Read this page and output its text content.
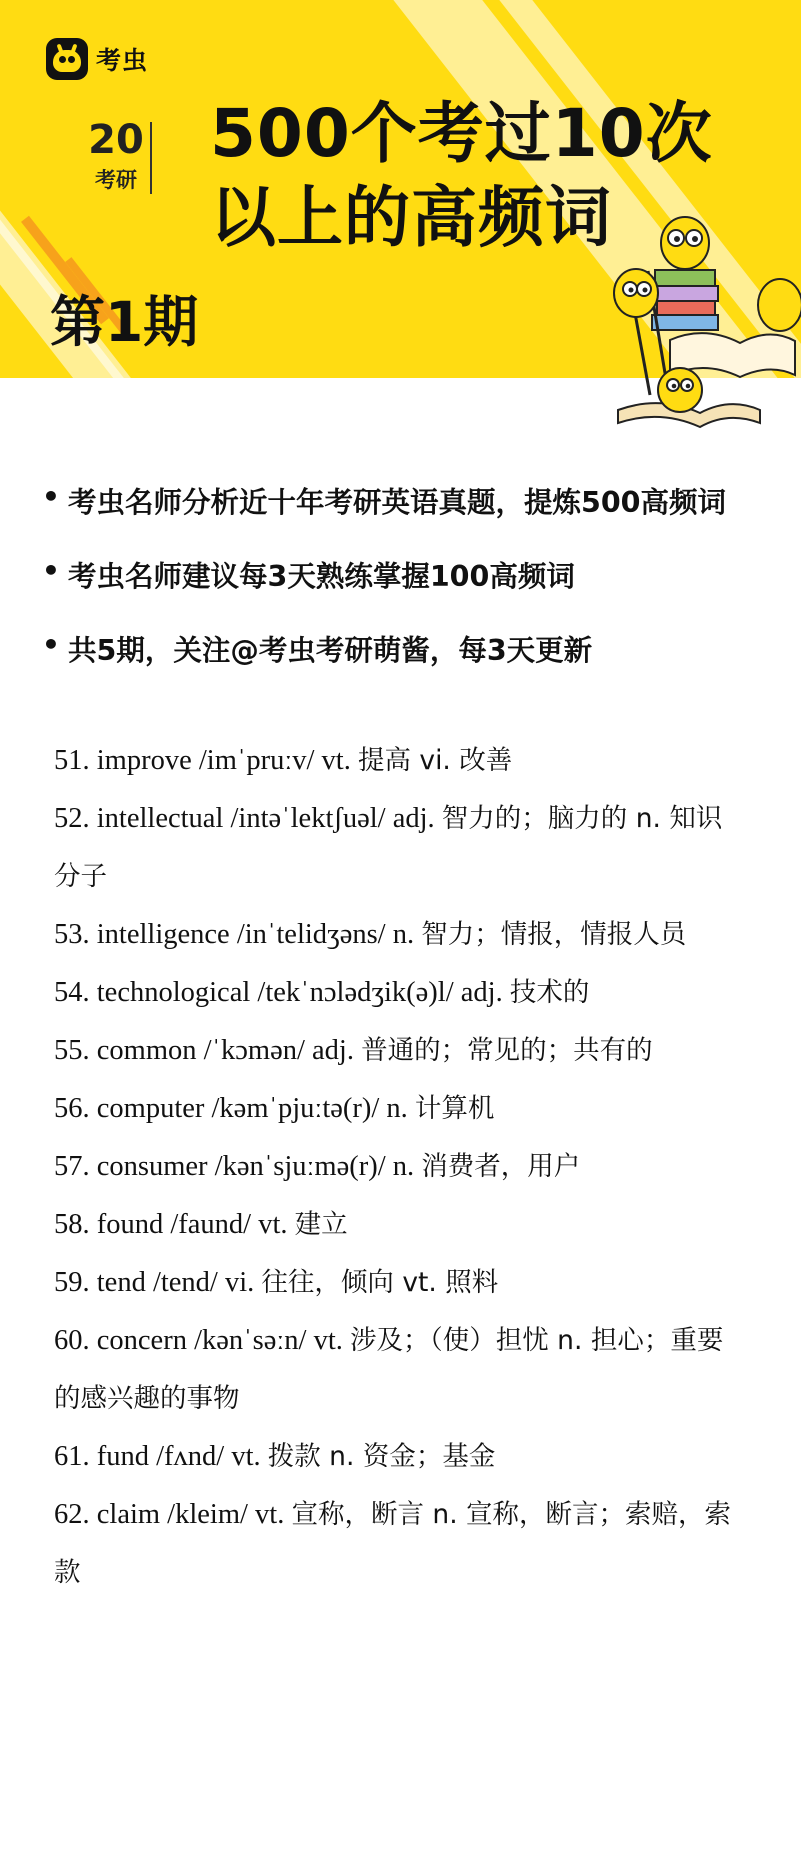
考虫
20
考研
500个考过10次
以上的高频词
第1期
• 考虫名师分析近十年考研英语真题，提炼500高频词
• 考虫名师建议每3天熟练掌握100高频词
• 共5期，关注@考虫考研萌酱，每3天更新
51. improve /imˈpruːv/ vt. 提高 vi. 改善
52. intellectual /intəˈlektʃuəl/ adj. 智力的；脑力的 n. 知识分子
53. intelligence /inˈtelidʒəns/ n. 智力；情报，情报人员
54. technological /tekˈnɔlədʒik(ə)l/ adj. 技术的
55. common /ˈkɔmən/ adj. 普通的；常见的；共有的
56. computer /kəmˈpjuːtə(r)/ n. 计算机
57. consumer /kənˈsjuːmə(r)/ n. 消费者，用户
58. found /faund/ vt. 建立
59. tend /tend/ vi. 往往，倾向 vt. 照料
60. concern /kənˈsəːn/ vt. 涉及；（使）担忧 n. 担心；重要的感兴趣的事物
61. fund /fʌnd/ vt. 拨款 n. 资金；基金
62. claim /kleim/ vt. 宣称，断言 n. 宣称，断言；索赔，索款
